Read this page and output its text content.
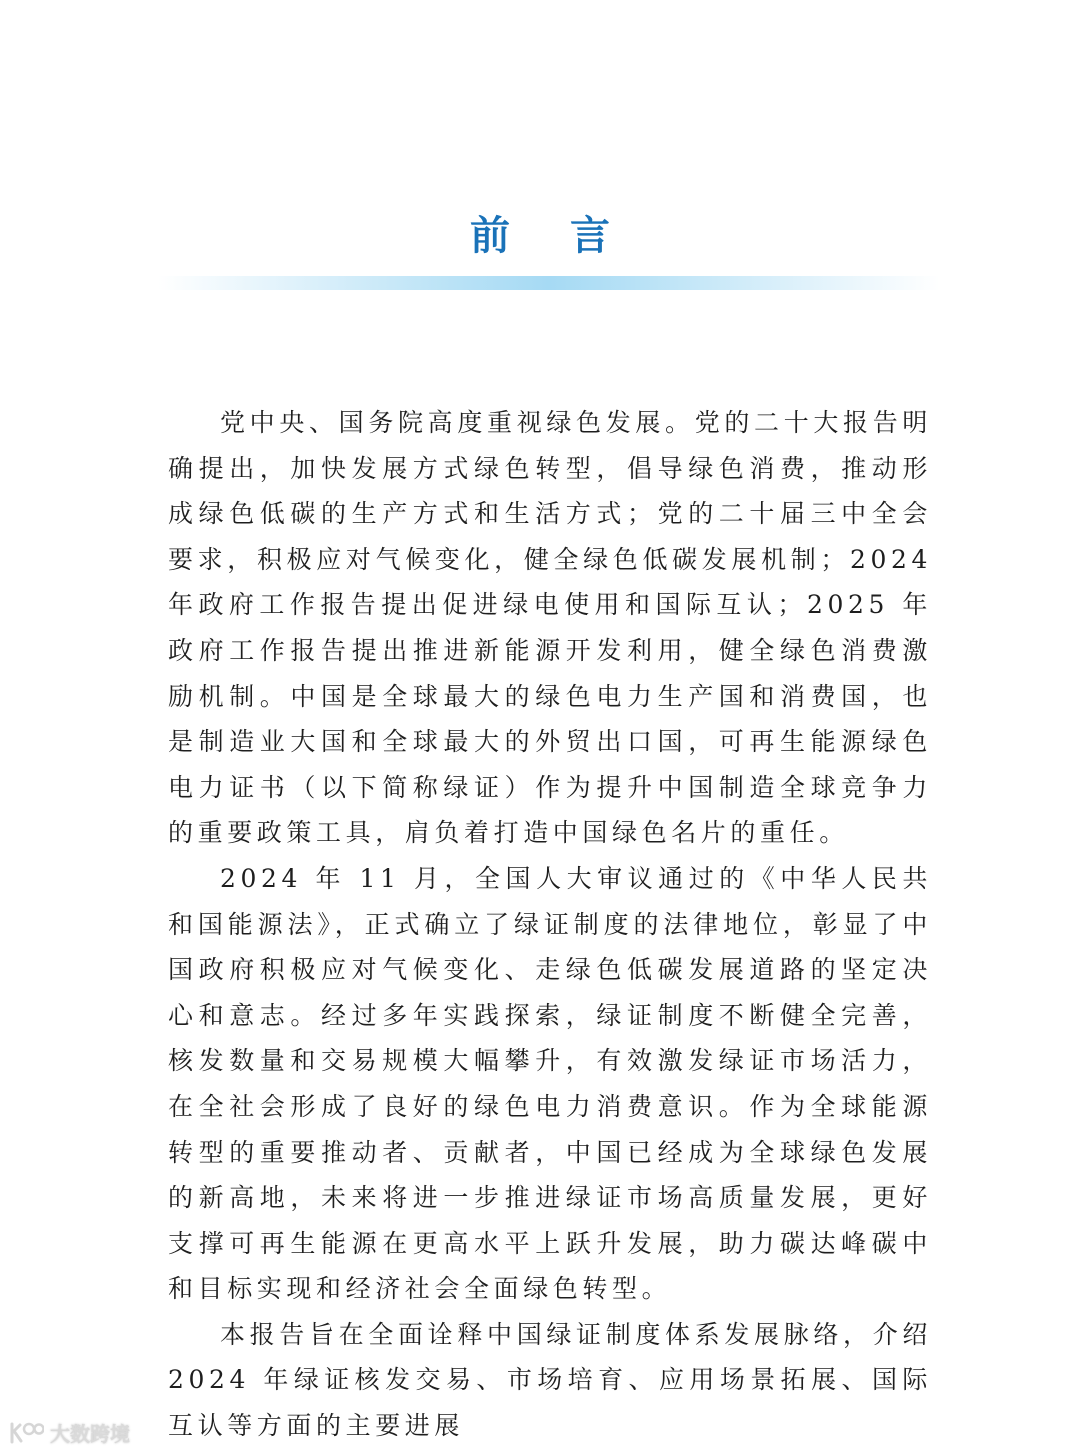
前 言

党中央、国务院高度重视绿色发展。党的二十大报告明确提出，加快发展方式绿色转型，倡导绿色消费，推动形成绿色低碳的生产方式和生活方式；党的二十届三中全会要求，积极应对气候变化，健全绿色低碳发展机制；2024 年政府工作报告提出促进绿电使用和国际互认；2025 年政府工作报告提出推进新能源开发利用，健全绿色消费激励机制。中国是全球最大的绿色电力生产国和消费国，也是制造业大国和全球最大的外贸出口国，可再生能源绿色电力证书（以下简称绿证）作为提升中国制造全球竞争力的重要政策工具，肩负着打造中国绿色名片的重任。

2024 年 11 月，全国人大审议通过的《中华人民共和国能源法》，正式确立了绿证制度的法律地位，彰显了中国政府积极应对气候变化、走绿色低碳发展道路的坚定决心和意志。经过多年实践探索，绿证制度不断健全完善，核发数量和交易规模大幅攀升，有效激发绿证市场活力，在全社会形成了良好的绿色电力消费意识。作为全球能源转型的重要推动者、贡献者，中国已经成为全球绿色发展的新高地，未来将进一步推进绿证市场高质量发展，更好支撑可再生能源在更高水平上跃升发展，助力碳达峰碳中和目标实现和经济社会全面绿色转型。

本报告旨在全面诠释中国绿证制度体系发展脉络，介绍 2024 年绿证核发交易、市场培育、应用场景拓展、国际互认等方面的主要进展

大数跨境
